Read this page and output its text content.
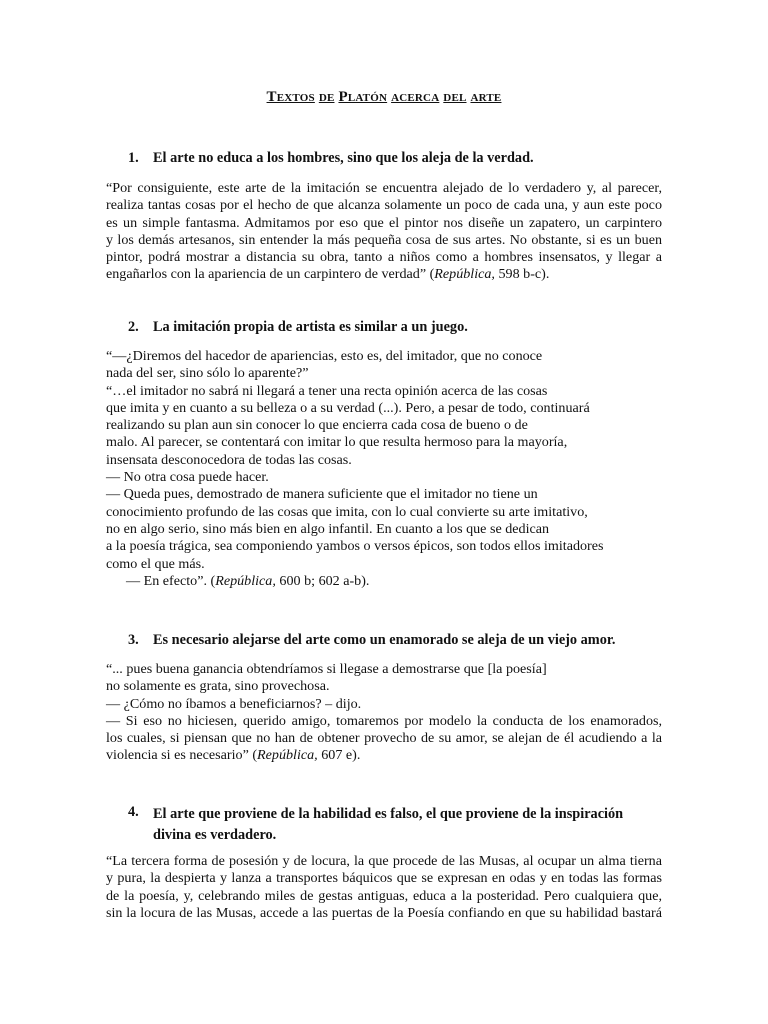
Textos de Platón acerca del arte
1. El arte no educa a los hombres, sino que los aleja de la verdad.
“Por consiguiente, este arte de la imitación se encuentra alejado de lo verdadero y, al parecer,
realiza tantas cosas por el hecho de que alcanza solamente un poco de cada una, y aun este poco
es un simple fantasma. Admitamos por eso que el pintor nos diseñe un zapatero, un carpintero
y los demás artesanos, sin entender la más pequeña cosa de sus artes. No obstante, si es un buen
pintor, podrá mostrar a distancia su obra, tanto a niños como a hombres insensatos, y llegar a
engañarlos con la apariencia de un carpintero de verdad” (República, 598 b-c).
2. La imitación propia de artista es similar a un juego.
“—¿Diremos del hacedor de apariencias, esto es, del imitador, que no conoce
nada del ser, sino sólo lo aparente?”
“…el imitador no sabrá ni llegará a tener una recta opinión acerca de las cosas
que imita y en cuanto a su belleza o a su verdad (...). Pero, a pesar de todo, continuará
realizando su plan aun sin conocer lo que encierra cada cosa de bueno o de
malo. Al parecer, se contentará con imitar lo que resulta hermoso para la mayoría,
insensata desconocedora de todas las cosas.
— No otra cosa puede hacer.
— Queda pues, demostrado de manera suficiente que el imitador no tiene un
conocimiento profundo de las cosas que imita, con lo cual convierte su arte imitativo,
no en algo serio, sino más bien en algo infantil. En cuanto a los que se dedican
a la poesía trágica, sea componiendo yambos o versos épicos, son todos ellos imitadores
como el que más.
— En efecto”. (República, 600 b; 602 a-b).
3. Es necesario alejarse del arte como un enamorado se aleja de un viejo amor.
“... pues buena ganancia obtendríamos si llegase a demostrarse que [la poesía]
no solamente es grata, sino provechosa.
— ¿Cómo no íbamos a beneficiarnos? – dijo.
— Si eso no hiciesen, querido amigo, tomaremos por modelo la conducta de los enamorados,
los cuales, si piensan que no han de obtener provecho de su amor, se alejan de él acudiendo a la
violencia si es necesario” (República, 607 e).
4. El arte que proviene de la habilidad es falso, el que proviene de la inspiración
divina es verdadero.
“La tercera forma de posesión y de locura, la que procede de las Musas, al ocupar un alma tierna
y pura, la despierta y lanza a transportes báquicos que se expresan en odas y en todas las formas
de la poesía, y, celebrando miles de gestas antiguas, educa a la posteridad. Pero cualquiera que,
sin la locura de las Musas, accede a las puertas de la Poesía confiando en que su habilidad bastará
